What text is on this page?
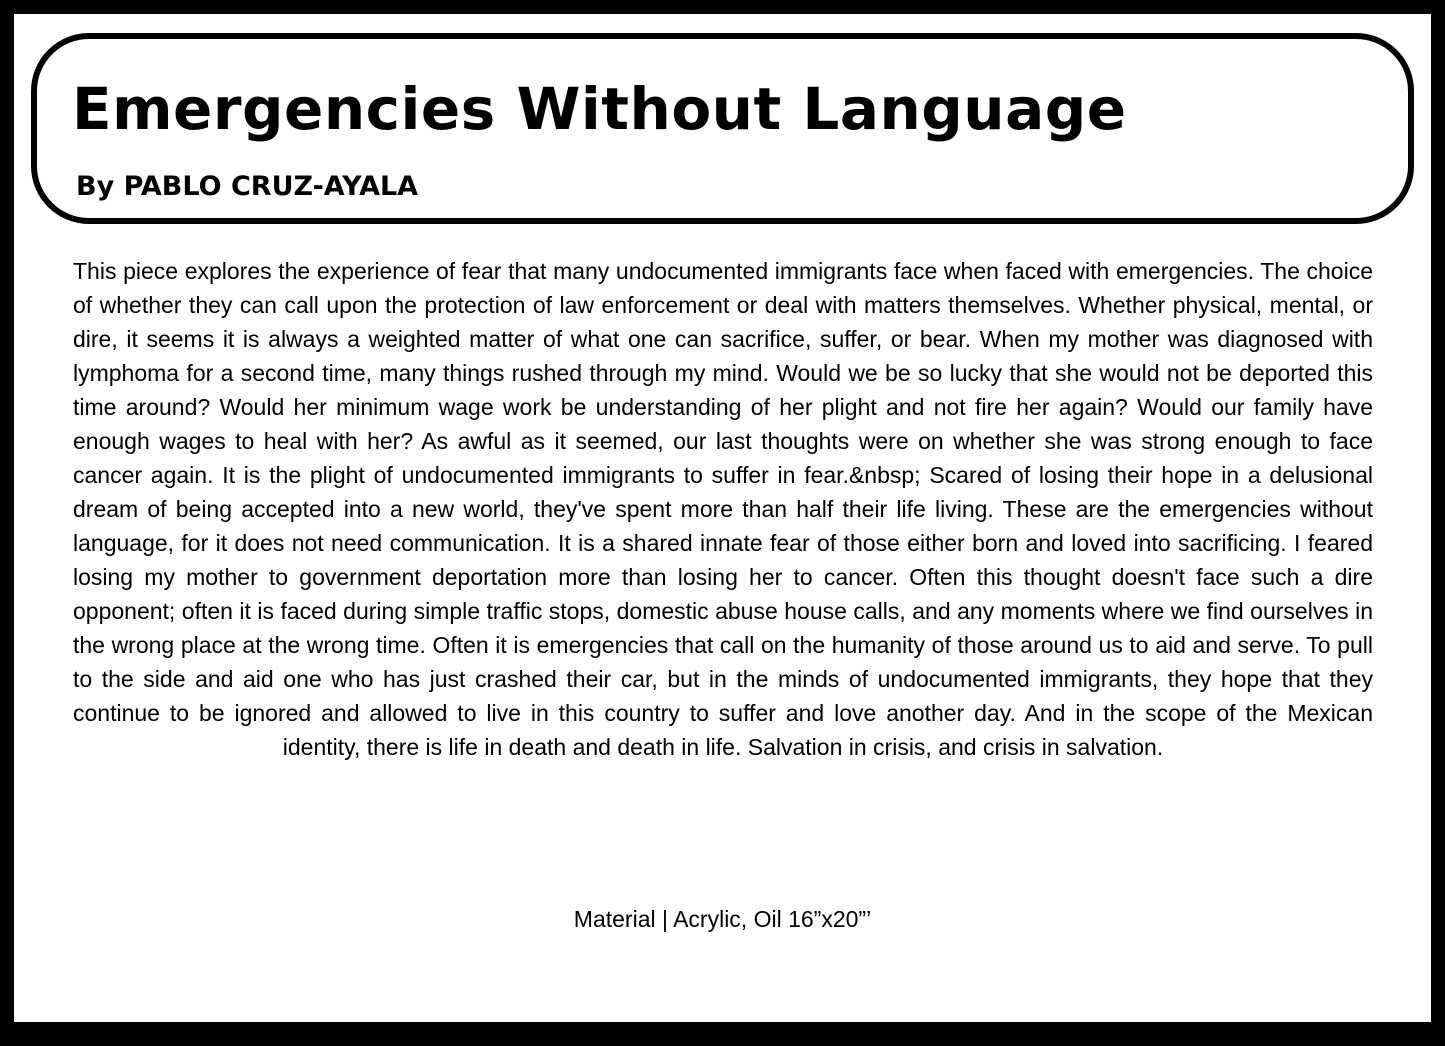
Emergencies Without Language

By PABLO CRUZ-AYALA

This piece explores the experience of fear that many undocumented immigrants face when faced with emergencies. The choice of whether they can call upon the protection of law enforcement or deal with matters themselves. Whether physical, mental, or dire, it seems it is always a weighted matter of what one can sacrifice, suffer, or bear. When my mother was diagnosed with lymphoma for a second time, many things rushed through my mind. Would we be so lucky that she would not be deported this time around? Would her minimum wage work be understanding of her plight and not fire her again? Would our family have enough wages to heal with her? As awful as it seemed, our last thoughts were on whether she was strong enough to face cancer again. It is the plight of undocumented immigrants to suffer in fear.&nbsp; Scared of losing their hope in a delusional dream of being accepted into a new world, they've spent more than half their life living. These are the emergencies without language, for it does not need communication. It is a shared innate fear of those either born and loved into sacrificing. I feared losing my mother to government deportation more than losing her to cancer. Often this thought doesn't face such a dire opponent; often it is faced during simple traffic stops, domestic abuse house calls, and any moments where we find ourselves in the wrong place at the wrong time. Often it is emergencies that call on the humanity of those around us to aid and serve. To pull to the side and aid one who has just crashed their car, but in the minds of undocumented immigrants, they hope that they continue to be ignored and allowed to live in this country to suffer and love another day. And in the scope of the Mexican identity, there is life in death and death in life. Salvation in crisis, and crisis in salvation.

Material | Acrylic, Oil 16”x20”’
